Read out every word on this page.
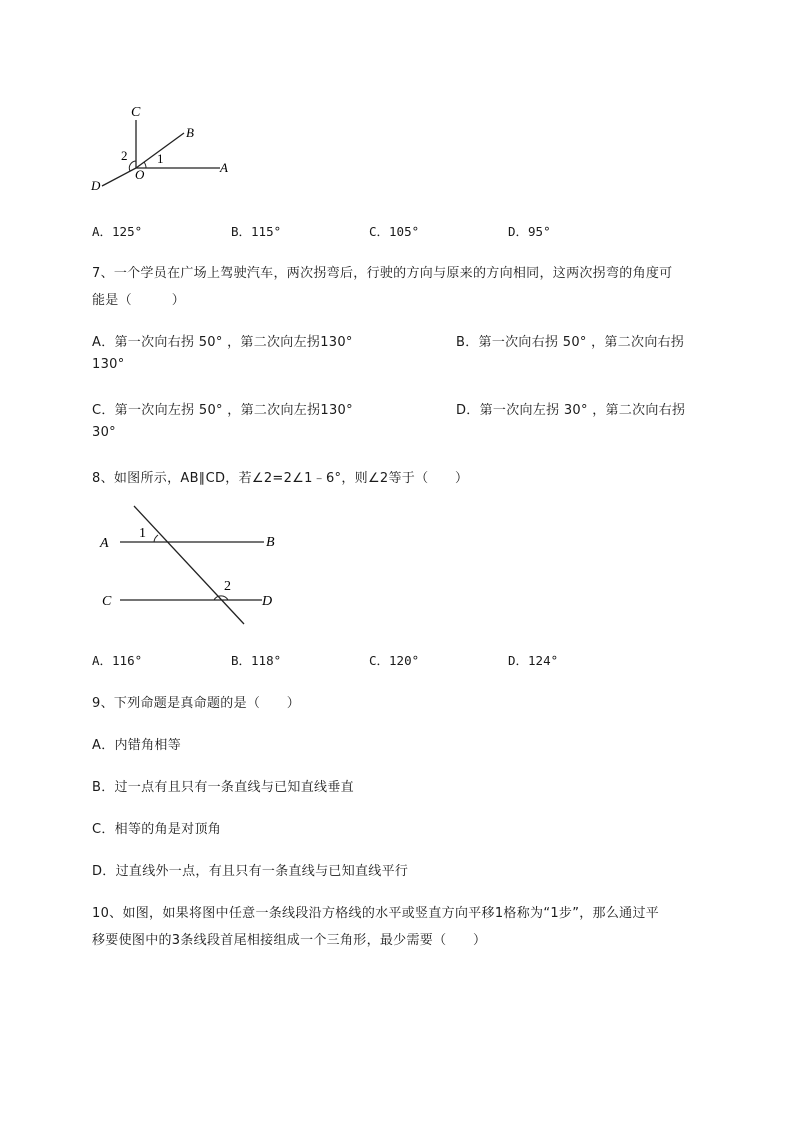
C
B
A
D
O
1
2
A．125°	B．115°	C．105°	D．95°
7、一个学员在广场上驾驶汽车，两次拐弯后，行驶的方向与原来的方向相同，这两次拐弯的角度可
能是（　　　）
A．第一次向右拐 50° ，第二次向左拐130°	B．第一次向右拐 50° ，第二次向右拐
130°
C．第一次向左拐 50° ，第二次向左拐130°	D．第一次向左拐 30° ，第二次向右拐
30°
8、如图所示，AB∥CD，若∠2=2∠1﹣6°，则∠2等于（　　）
A	B
C	D
1
2
A．116°	B．118°	C．120°	D．124°
9、下列命题是真命题的是（　　）
A．内错角相等
B．过一点有且只有一条直线与已知直线垂直
C．相等的角是对顶角
D．过直线外一点，有且只有一条直线与已知直线平行
10、如图，如果将图中任意一条线段沿方格线的水平或竖直方向平移1格称为“1步”，那么通过平
移要使图中的3条线段首尾相接组成一个三角形，最少需要（　　）
